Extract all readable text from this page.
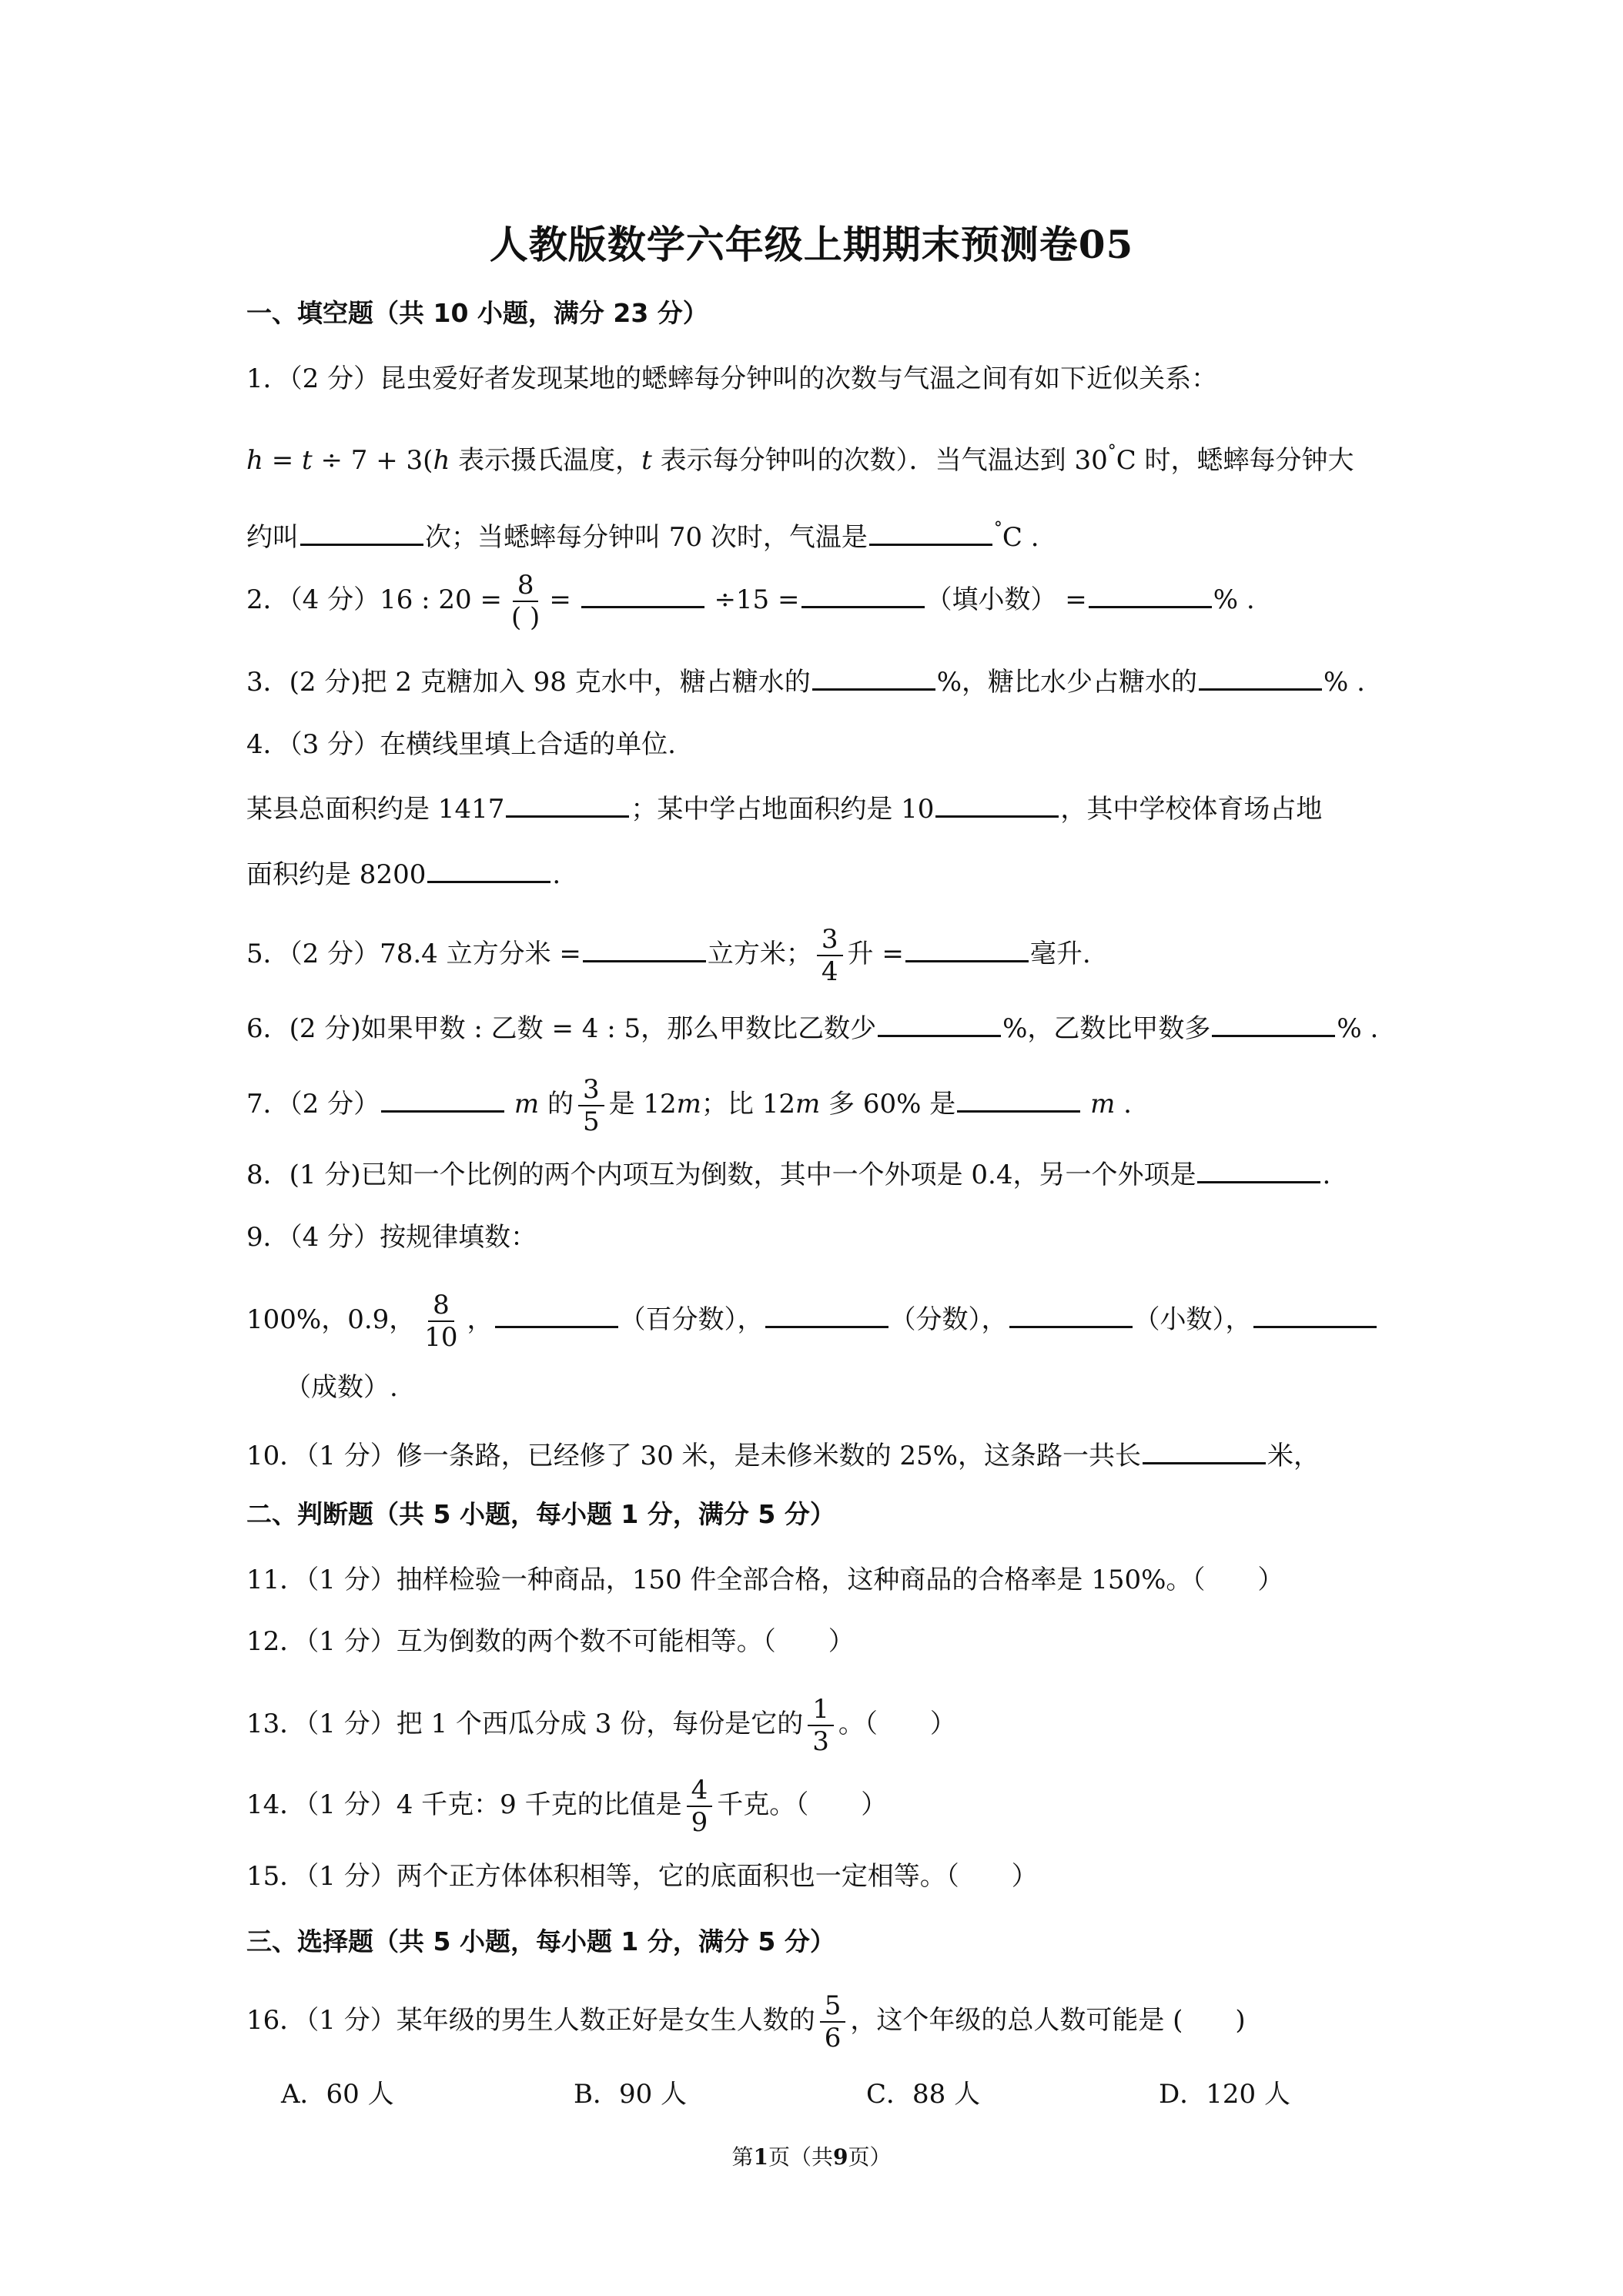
人教版数学六年级上期期末预测卷05
一、填空题（共 10 小题，满分 23 分）
1．（2 分）昆虫爱好者发现某地的蟋蟀每分钟叫的次数与气温之间有如下近似关系：
h = t ÷ 7 + 3(h 表示摄氏温度，t 表示每分钟叫的次数）．当气温达到 30°C 时，蟋蟀每分钟大
约叫	次；当蟋蟀每分钟叫 70 次时，气温是	°C .
2．（4 分）16 : $20 = \frac{8}{( )}$ =	÷15 =	（填小数） =	% .
3．(2 分)把 2 克糖加入 98 克水中，糖占糖水的	%，糖比水少占糖水的	% .
4．（3 分）在横线里填上合适的单位.
某县总面积约是 1417	；某中学占地面积约是 10	，其中学校体育场占地
面积约是 8200	.
5．（2 分）78.4 立方分米 =	立方米； $\frac{3}{4}$ 升 =	毫升.
6．(2 分)如果甲数 : 乙数 = 4 : 5，那么甲数比乙数少	%，乙数比甲数多	% .
7．（2 分）	m 的 $\frac{3}{5}$ 是 12m；比 12m 多 60% 是	m .
8．(1 分)已知一个比例的两个内项互为倒数，其中一个外项是 0.4，另一个外项是	.
9．（4 分）按规律填数：
100%，0.9， $\frac{8}{10}$ ，	（百分数），	（分数），	（小数），
（成数）.
10．（1 分）修一条路，已经修了 30 米，是未修米数的 25%，这条路一共长	米，
二、判断题（共 5 小题，每小题 1 分，满分 5 分）
11．（1 分）抽样检验一种商品，150 件全部合格，这种商品的合格率是 150%。（　　）
12．（1 分）互为倒数的两个数不可能相等。（　　）
13．（1 分）把 1 个西瓜分成 3 份，每份是它的 $\frac{1}{3}$ 。（　　）
14．（1 分）4 千克：9 千克的比值是 $\frac{4}{9}$ 千克。（　　）
15．（1 分）两个正方体体积相等，它的底面积也一定相等。（　　）
三、选择题（共 5 小题，每小题 1 分，满分 5 分）
16．（1 分）某年级的男生人数正好是女生人数的 $\frac{5}{6}$ ，这个年级的总人数可能是 (　　)
A．60 人	B．90 人	C．88 人	D．120 人
第1页（共9页）
